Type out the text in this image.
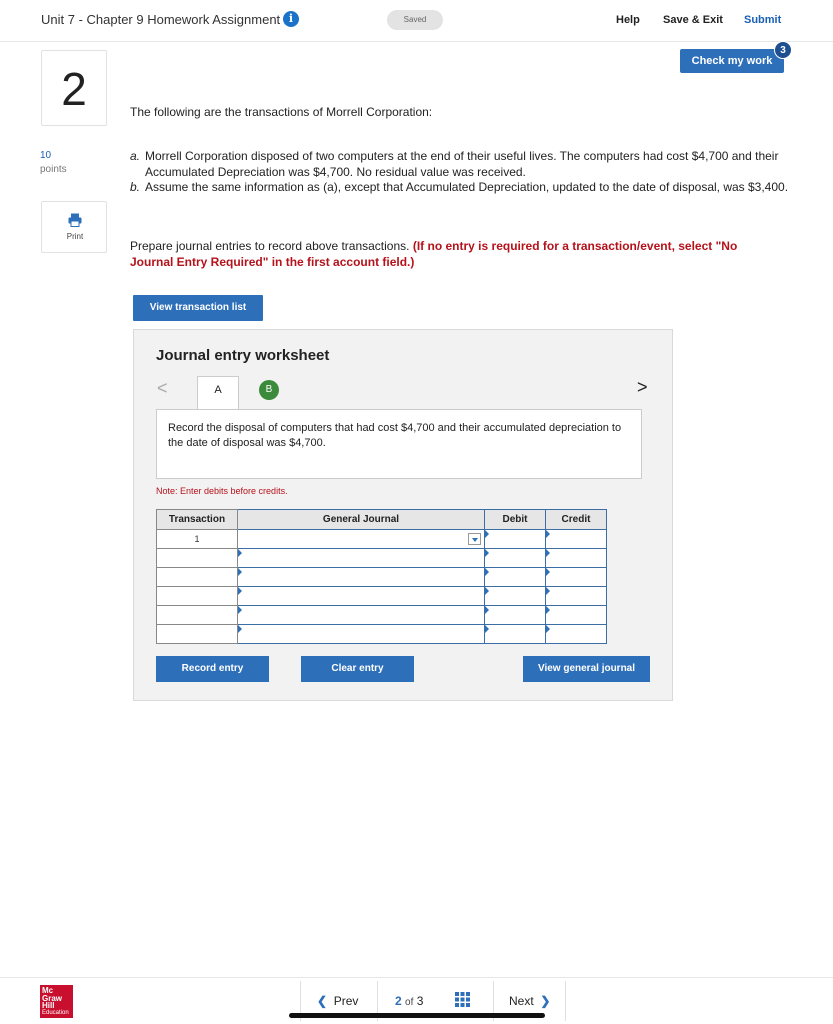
Unit 7 - Chapter 9 Homework Assignment i	Saved	Help Save & Exit Submit
Check my work
3
2
10
points
Print
The following are the transactions of Morrell Corporation:
a. Morrell Corporation disposed of two computers at the end of their useful lives. The computers had cost $4,700 and their Accumulated Depreciation was $4,700. No residual value was received.
b. Assume the same information as (a), except that Accumulated Depreciation, updated to the date of disposal, was $3,400.
Prepare journal entries to record above transactions. (If no entry is required for a transaction/event, select "No Journal Entry Required" in the first account field.)
View transaction list
Journal entry worksheet
<	A	B	>
Record the disposal of computers that had cost $4,700 and their accumulated depreciation to the date of disposal was $4,700.
Note: Enter debits before credits.
Transaction	General Journal	Debit	Credit
1	

Record entry	Clear entry	View general journal
Mc
Graw
Hill
Education
❮ Prev	2 of 3	Next ❯
